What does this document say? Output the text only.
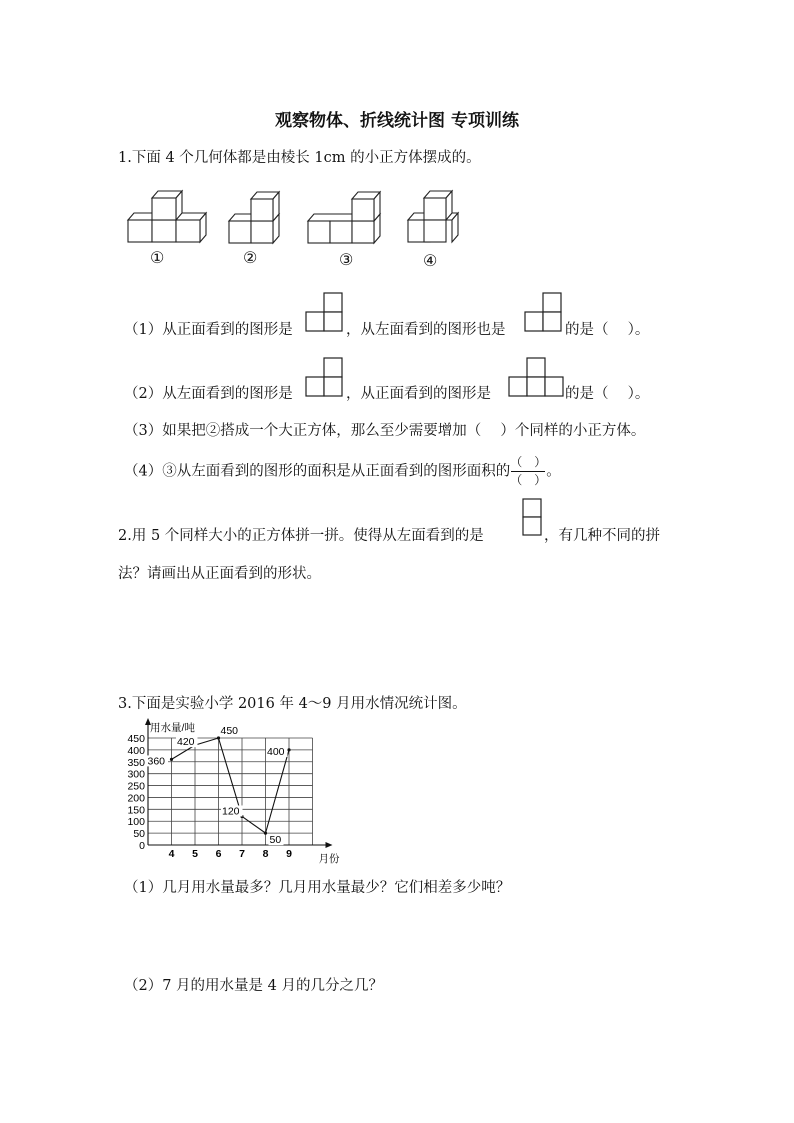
观察物体、折线统计图 专项训练
1.下面 4 个几何体都是由棱长 1cm 的小正方体摆成的。
①	②	③	④
（1）从正面看到的图形是	，从左面看到的图形也是	的是（　 ）。
（2）从左面看到的图形是	，从正面看到的图形是	的是（　 ）。
（3）如果把②搭成一个大正方体，那么至少需要增加（　 ）个同样的小正方体。
（4）③从左面看到的图形的面积是从正面看到的图形面积的$\frac{( )}{( )}$。
2.用 5 个同样大小的正方体拼一拼。使得从左面看到的是	，有几种不同的拼
法？请画出从正面看到的形状。
3.下面是实验小学 2016 年 4～9 月用水情况统计图。
0
50
100
150
200
250
300
350
400
450
用水量/吨
月份
4 5 6 7 8 9
360
420
450
120
50
400
（1）几月用水量最多？几月用水量最少？它们相差多少吨？
（2）7 月的用水量是 4 月的几分之几？
